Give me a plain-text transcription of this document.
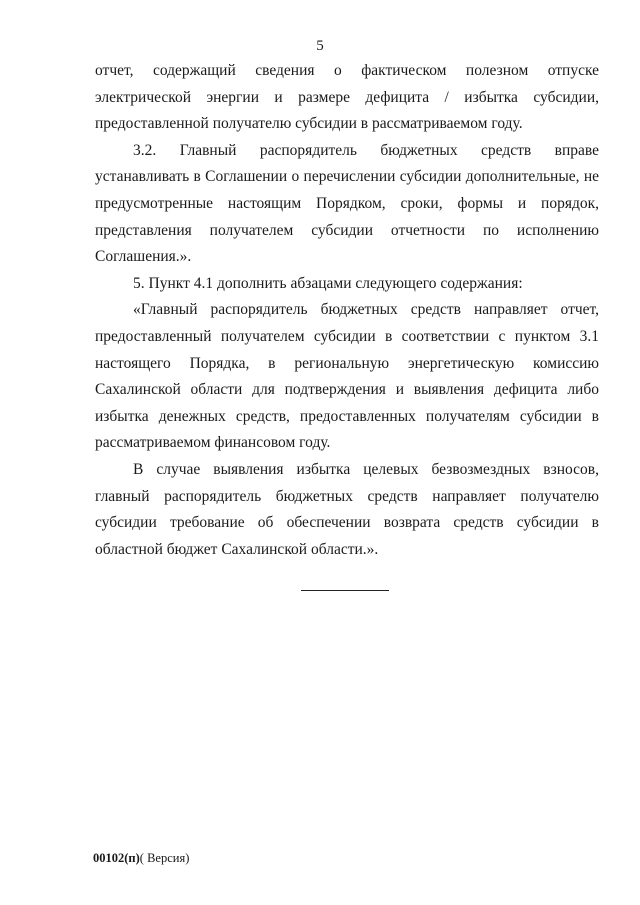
5

отчет, содержащий сведения о фактическом полезном отпуске электрической энергии и размере дефицита / избытка субсидии, предоставленной получателю субсидии в рассматриваемом году.

3.2. Главный распорядитель бюджетных средств вправе устанавливать в Соглашении о перечислении субсидии дополнительные, не предусмотренные настоящим Порядком, сроки, формы и порядок, представления получателем субсидии отчетности по исполнению Соглашения.».

5. Пункт 4.1 дополнить абзацами следующего содержания:

«Главный распорядитель бюджетных средств направляет отчет, предоставленный получателем субсидии в соответствии с пунктом 3.1 настоящего Порядка, в региональную энергетическую комиссию Сахалинской области для подтверждения и выявления дефицита либо избытка денежных средств, предоставленных получателям субсидии в рассматриваемом финансовом году.

В случае выявления избытка целевых безвозмездных взносов, главный распорядитель бюджетных средств направляет получателю субсидии требование об обеспечении возврата средств субсидии в областной бюджет Сахалинской области.».

00102(п)( Версия)
